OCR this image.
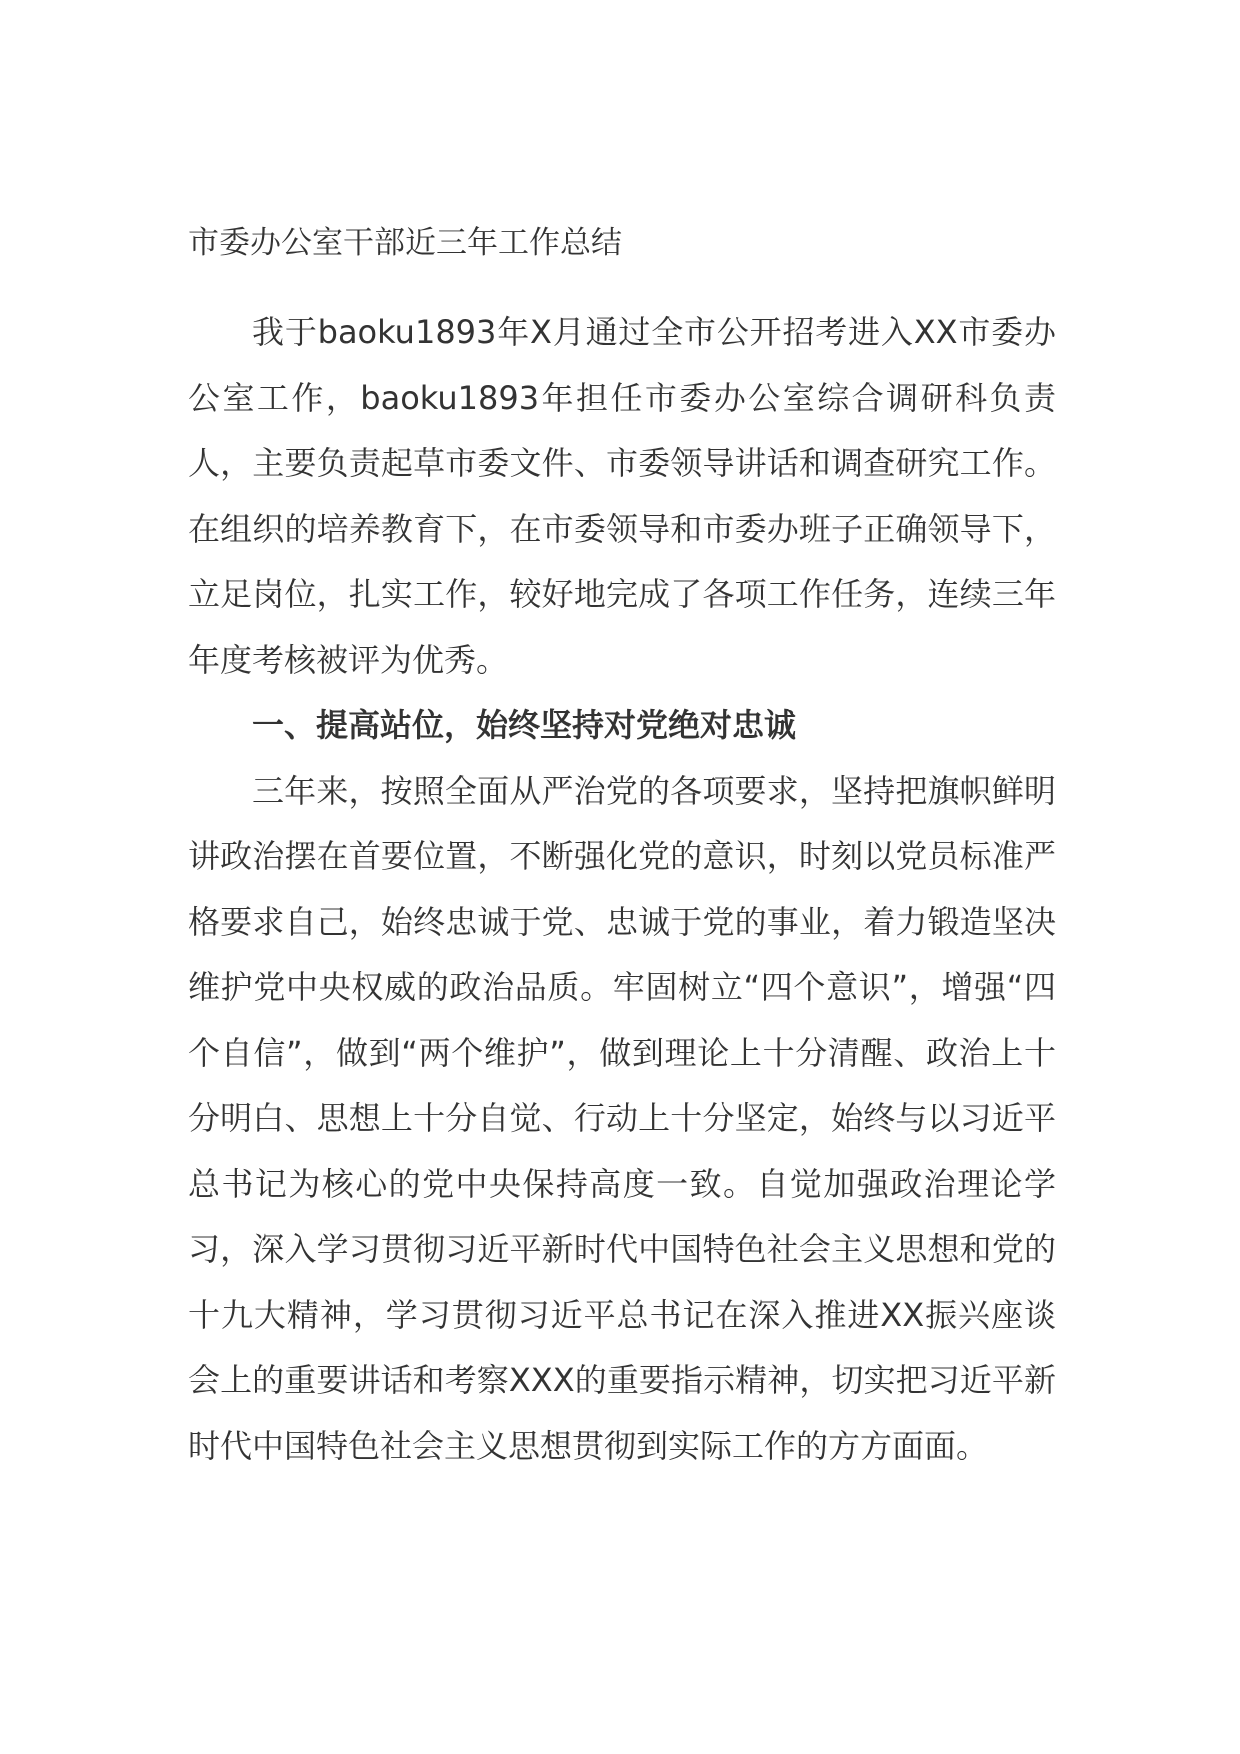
市委办公室干部近三年工作总结

我于baoku1893年X月通过全市公开招考进入XX市委办公室工作，baoku1893年担任市委办公室综合调研科负责人，主要负责起草市委文件、市委领导讲话和调查研究工作。在组织的培养教育下，在市委领导和市委办班子正确领导下，立足岗位，扎实工作，较好地完成了各项工作任务，连续三年年度考核被评为优秀。

一、提高站位，始终坚持对党绝对忠诚

三年来，按照全面从严治党的各项要求，坚持把旗帜鲜明讲政治摆在首要位置，不断强化党的意识，时刻以党员标准严格要求自己，始终忠诚于党、忠诚于党的事业，着力锻造坚决维护党中央权威的政治品质。牢固树立“四个意识”，增强“四个自信”，做到“两个维护”，做到理论上十分清醒、政治上十分明白、思想上十分自觉、行动上十分坚定，始终与以习近平总书记为核心的党中央保持高度一致。自觉加强政治理论学习，深入学习贯彻习近平新时代中国特色社会主义思想和党的十九大精神，学习贯彻习近平总书记在深入推进XX振兴座谈会上的重要讲话和考察XXX的重要指示精神，切实把习近平新时代中国特色社会主义思想贯彻到实际工作的方方面面。
